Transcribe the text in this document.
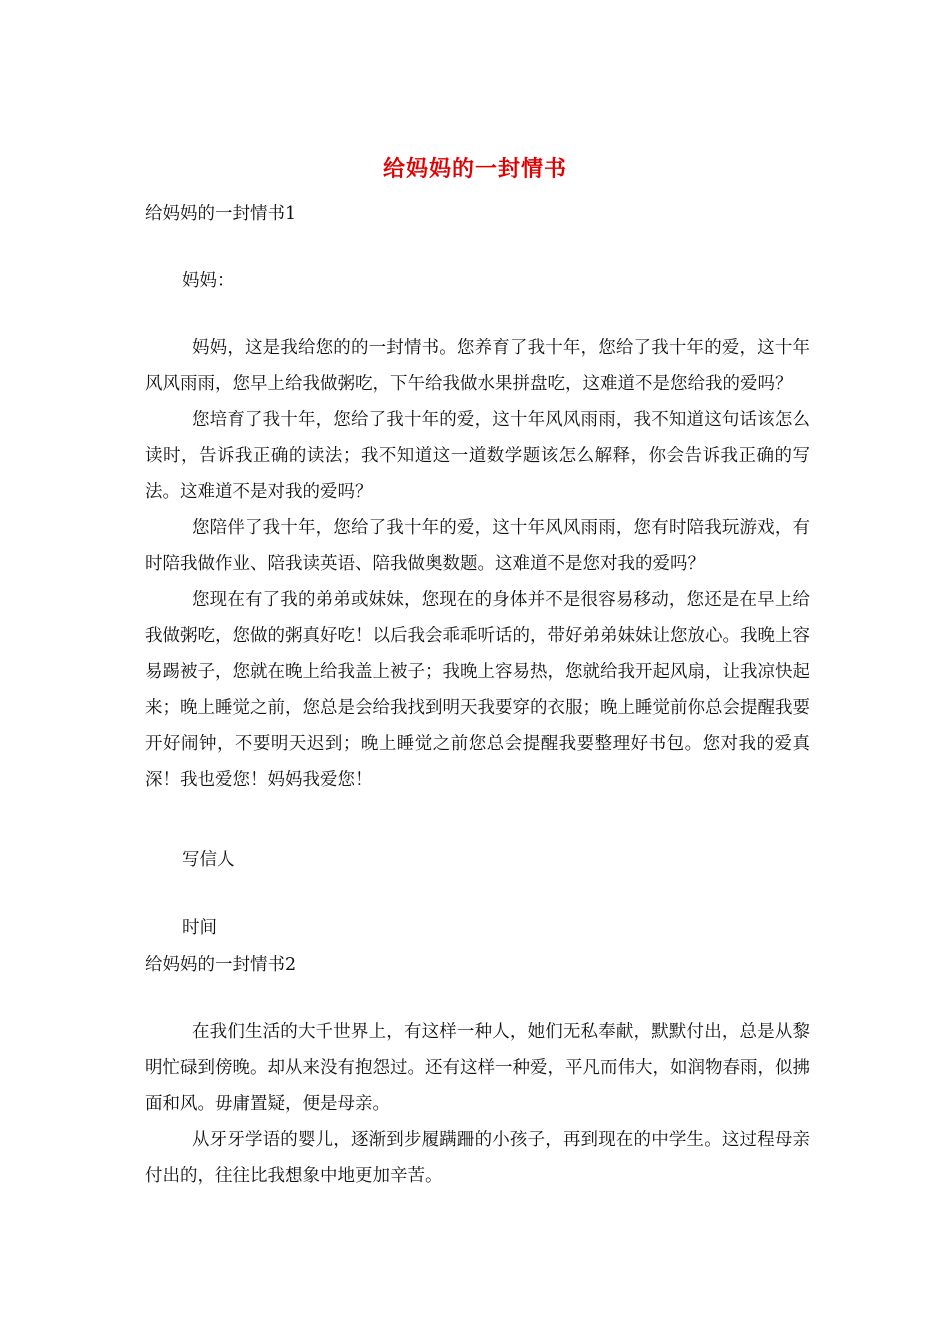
给妈妈的一封情书
给妈妈的一封情书1
妈妈：

妈妈，这是我给您的的一封情书。您养育了我十年，您给了我十年的爱，这十年风风雨雨，您早上给我做粥吃，下午给我做水果拼盘吃，这难道不是您给我的爱吗？

您培育了我十年，您给了我十年的爱，这十年风风雨雨，我不知道这句话该怎么读时，告诉我正确的读法；我不知道这一道数学题该怎么解释，你会告诉我正确的写法。这难道不是对我的爱吗？

您陪伴了我十年，您给了我十年的爱，这十年风风雨雨，您有时陪我玩游戏，有时陪我做作业、陪我读英语、陪我做奥数题。这难道不是您对我的爱吗？

您现在有了我的弟弟或妹妹，您现在的身体并不是很容易移动，您还是在早上给我做粥吃，您做的粥真好吃！以后我会乖乖听话的，带好弟弟妹妹让您放心。我晚上容易踢被子，您就在晚上给我盖上被子；我晚上容易热，您就给我开起风扇，让我凉快起来；晚上睡觉之前，您总是会给我找到明天我要穿的衣服；晚上睡觉前你总会提醒我要开好闹钟，不要明天迟到；晚上睡觉之前您总会提醒我要整理好书包。您对我的爱真深！我也爱您！妈妈我爱您！

写信人
时间
给妈妈的一封情书2

在我们生活的大千世界上，有这样一种人，她们无私奉献，默默付出，总是从黎明忙碌到傍晚。却从来没有抱怨过。还有这样一种爱，平凡而伟大，如润物春雨，似拂面和风。毋庸置疑，便是母亲。

从牙牙学语的婴儿，逐渐到步履蹒跚的小孩子，再到现在的中学生。这过程母亲付出的，往往比我想象中地更加辛苦。
